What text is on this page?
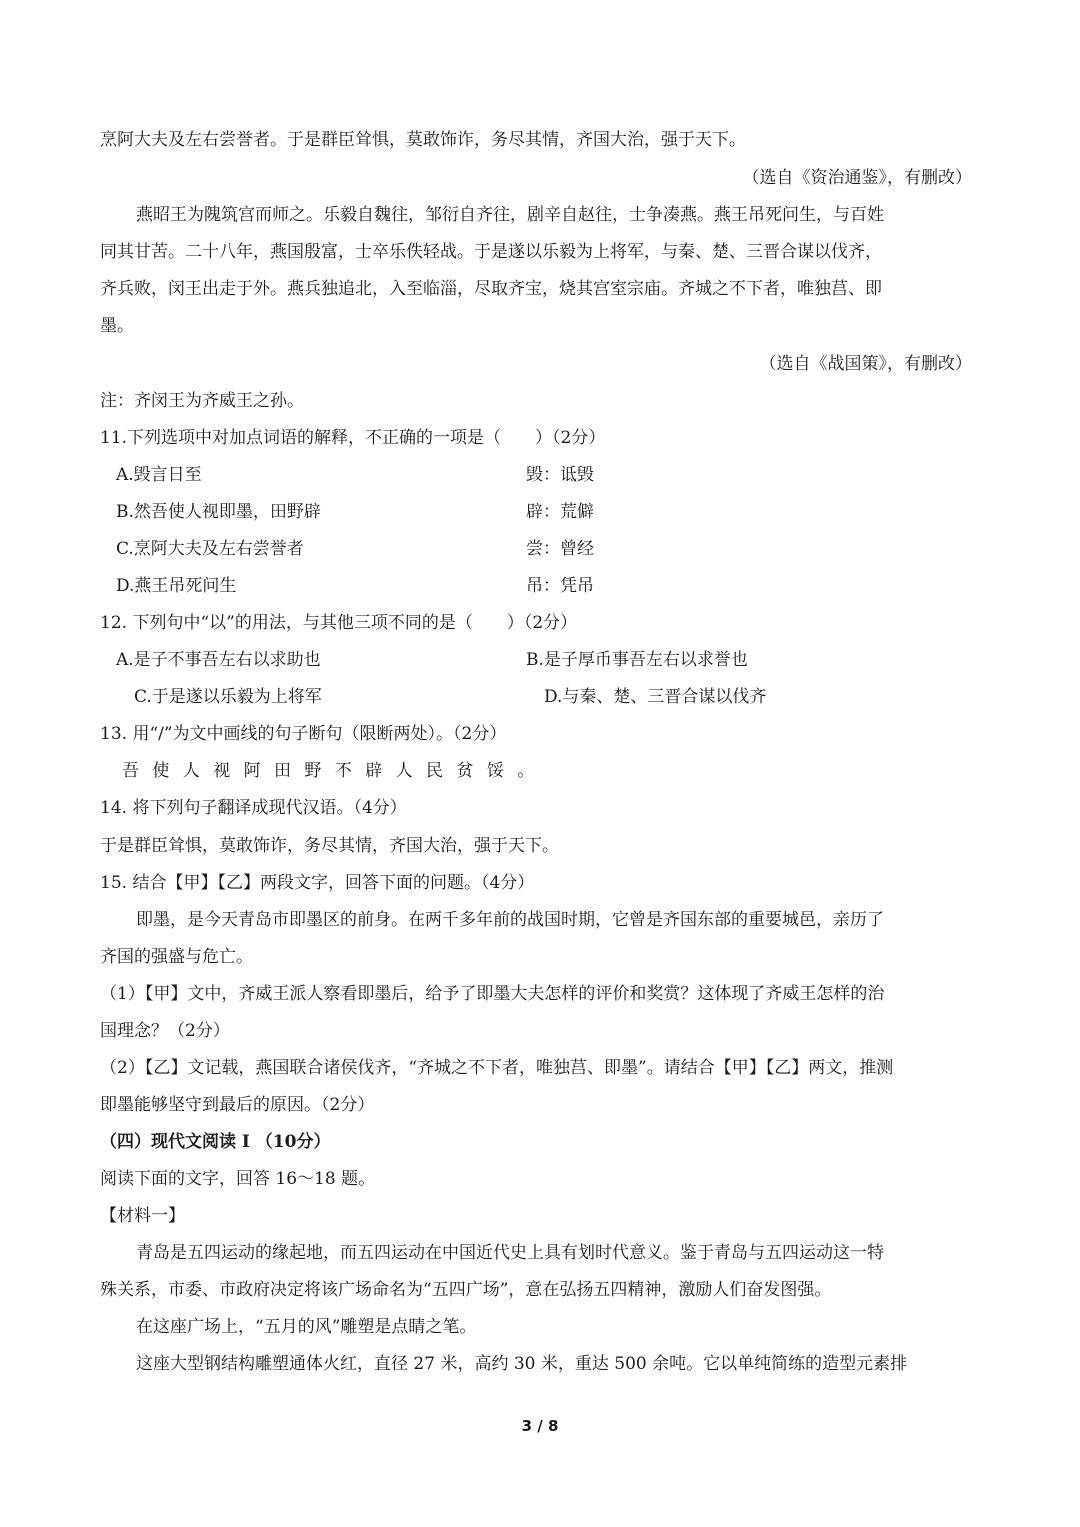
烹阿大夫及左右尝誉者。于是群臣耸惧，莫敢饰诈，务尽其情，齐国大治，强于天下。
（选自《资治通鉴》，有删改）
燕昭王为隗筑宫而师之。乐毅自魏往，邹衍自齐往，剧辛自赵往，士争凑燕。燕王吊死问生，与百姓
同其甘苦。二十八年，燕国殷富，士卒乐佚轻战。于是遂以乐毅为上将军，与秦、楚、三晋合谋以伐齐，
齐兵败，闵王出走于外。燕兵独追北，入至临淄，尽取齐宝，烧其宫室宗庙。齐城之不下者，唯独莒、即
墨。
（选自《战国策》，有删改）
注：齐闵王为齐威王之孙。
11.下列选项中对加点词语的解释，不正确的一项是（　　）（2分）
A.毁言日至	毁：诋毁
B.然吾使人视即墨，田野辟	辟：荒僻
C.烹阿大夫及左右尝誉者	尝：曾经
D.燕王吊死问生	吊：凭吊
12. 下列句中“以”的用法，与其他三项不同的是（　　）（2分）
A.是子不事吾左右以求助也	B.是子厚币事吾左右以求誉也
C.于是遂以乐毅为上将军	D.与秦、楚、三晋合谋以伐齐
13. 用“/”为文中画线的句子断句（限断两处）。（2分）
吾 使 人 视 阿 田 野 不 辟 人 民 贫 馁 。
14. 将下列句子翻译成现代汉语。（4分）
于是群臣耸惧，莫敢饰诈，务尽其情，齐国大治，强于天下。
15. 结合【甲】【乙】两段文字，回答下面的问题。（4分）
即墨，是今天青岛市即墨区的前身。在两千多年前的战国时期，它曾是齐国东部的重要城邑，亲历了
齐国的强盛与危亡。
（1）【甲】文中，齐威王派人察看即墨后，给予了即墨大夫怎样的评价和奖赏？这体现了齐威王怎样的治
国理念？（2分）
（2）【乙】文记载，燕国联合诸侯伐齐，“齐城之不下者，唯独莒、即墨”。请结合【甲】【乙】两文，推测
即墨能够坚守到最后的原因。（2分）
（四）现代文阅读 I （10分）
阅读下面的文字，回答 16～18 题。
【材料一】
青岛是五四运动的缘起地，而五四运动在中国近代史上具有划时代意义。鉴于青岛与五四运动这一特
殊关系，市委、市政府决定将该广场命名为“五四广场”，意在弘扬五四精神，激励人们奋发图强。
在这座广场上，“五月的风”雕塑是点睛之笔。
这座大型钢结构雕塑通体火红，直径 27 米，高约 30 米，重达 500 余吨。它以单纯简练的造型元素排
3 / 8
